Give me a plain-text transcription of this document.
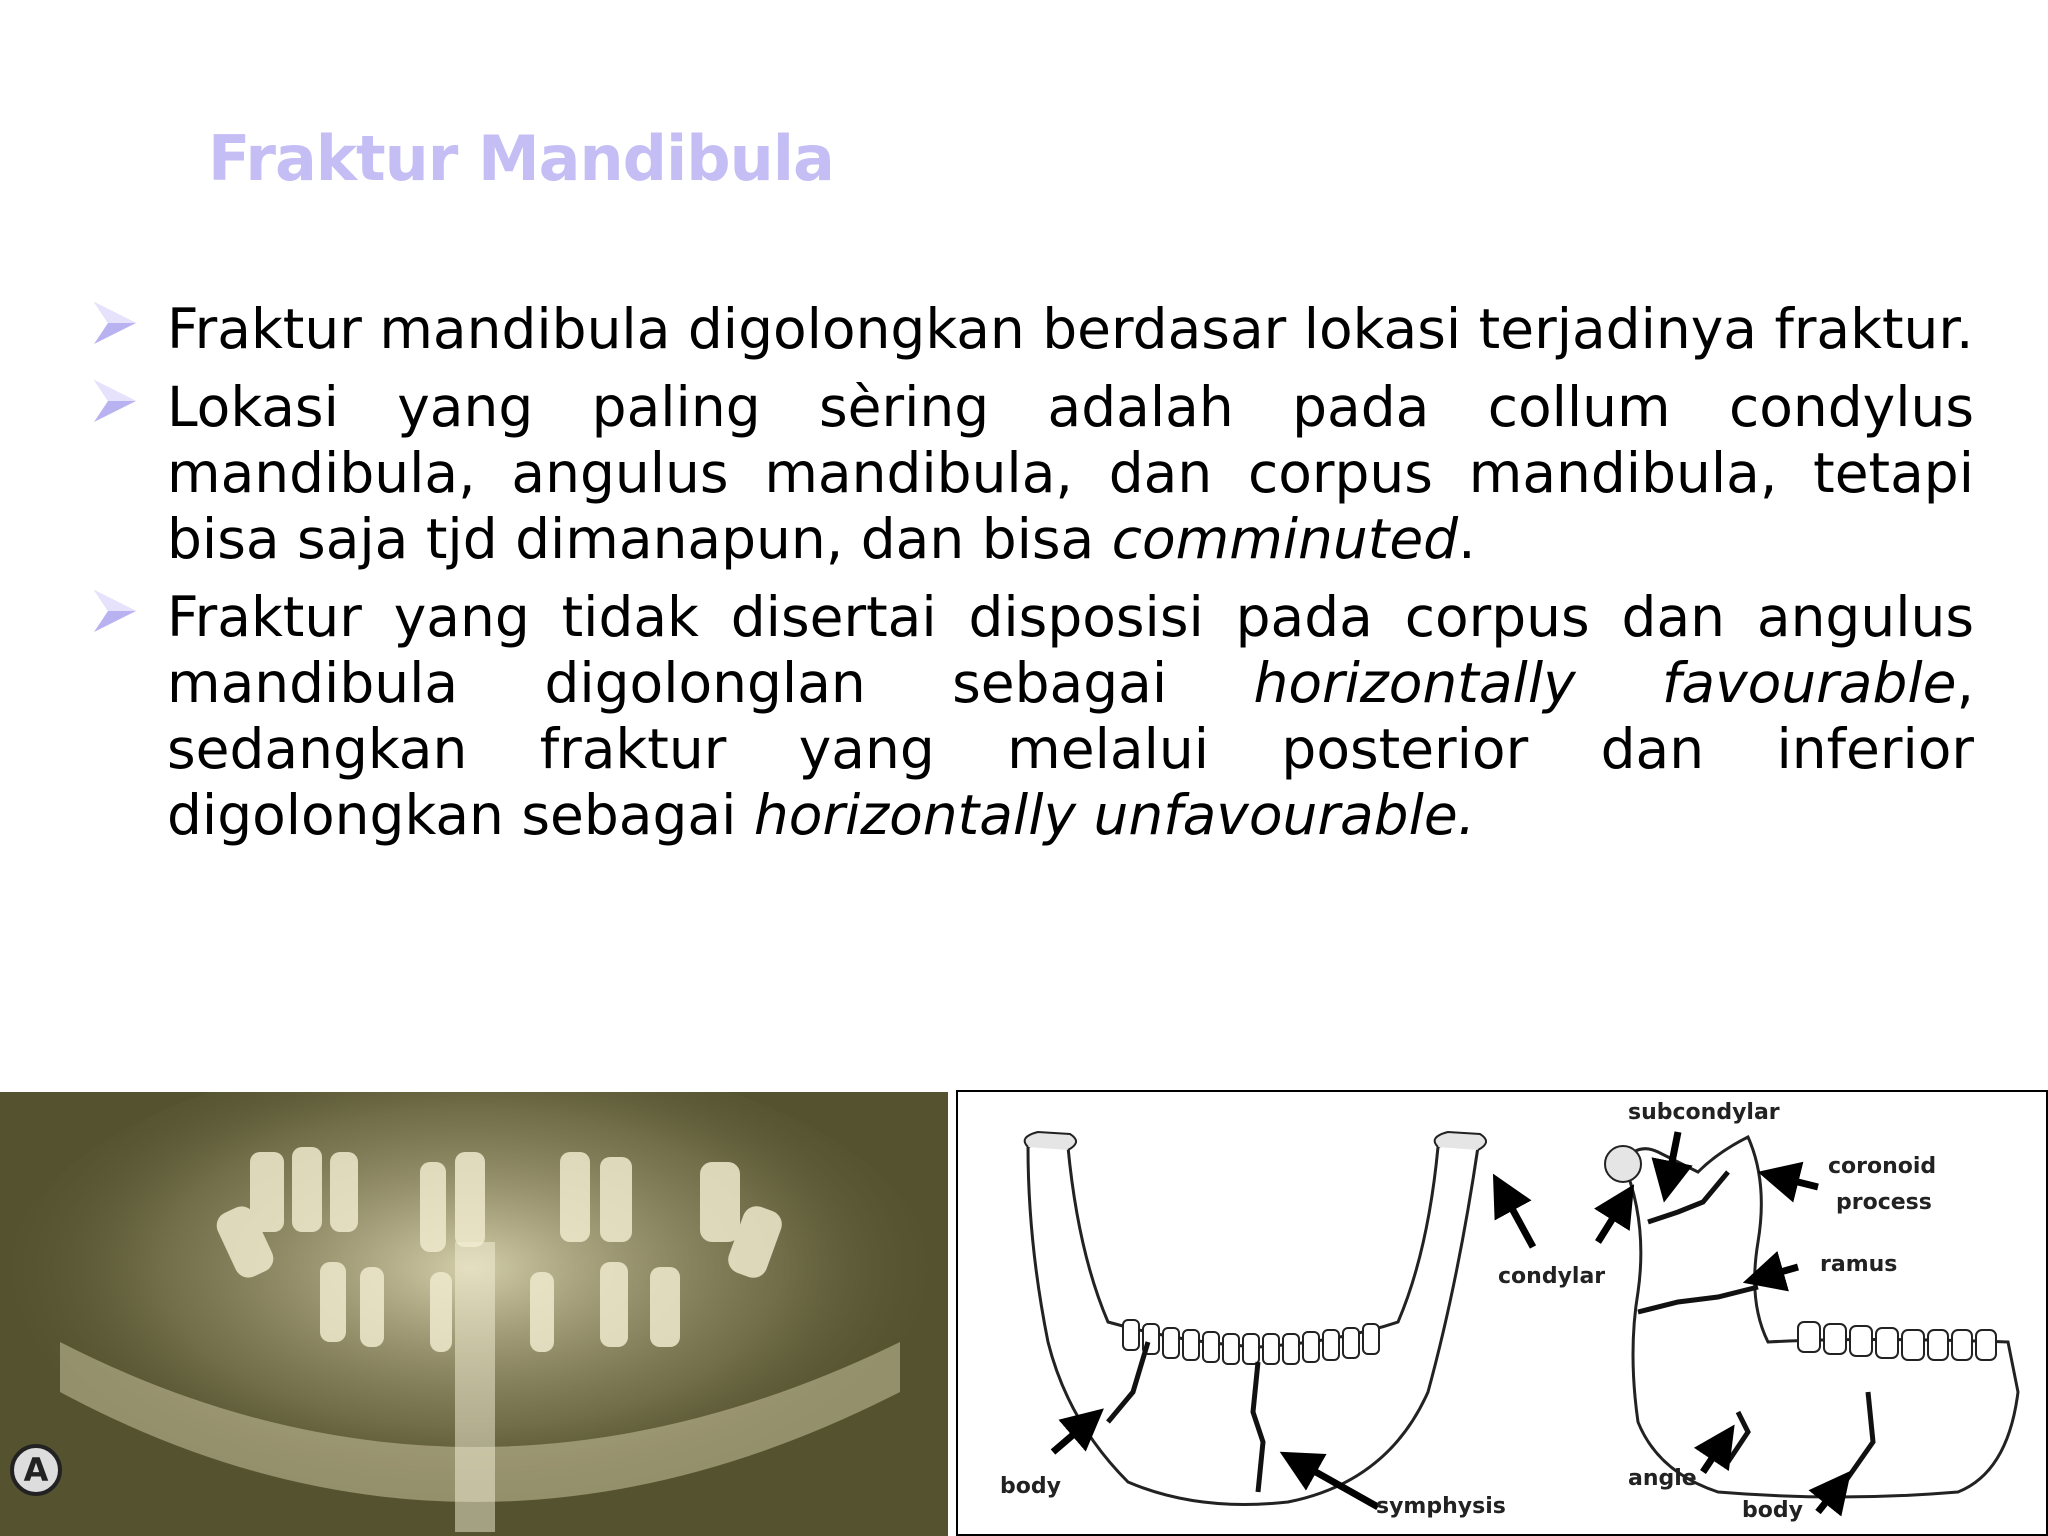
Fraktur Mandibula
Fraktur mandibula digolongkan berdasar lokasi terjadinya fraktur.
Lokasi yang paling sèring adalah pada collum condylus mandibula, angulus mandibula, dan corpus mandibula, tetapi bisa saja tjd dimanapun, dan bisa comminuted.
Fraktur yang tidak disertai disposisi pada corpus dan angulus mandibula digolonglan sebagai horizontally favourable, sedangkan fraktur yang melalui posterior dan inferior digolongkan sebagai horizontally unfavourable.
A
subcondylar
coronoid
process
condylar	ramus
body
symphysis
angle
body
